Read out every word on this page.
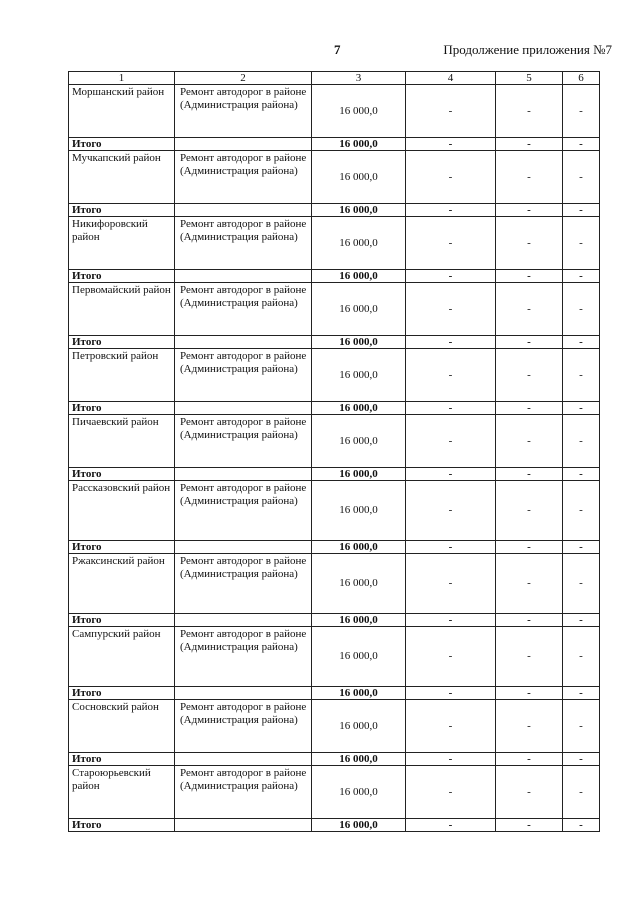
7	Продолжение приложения №7
1	2	3	4	5	6
Моршанский район	Ремонт автодорог в районе (Администрация района)	16 000,0	-	-	-
Итого		16 000,0	-	-	-
Мучкапский район	Ремонт автодорог в районе (Администрация района)	16 000,0	-	-	-
Итого		16 000,0	-	-	-
Никифоровский район	Ремонт автодорог в районе (Администрация района)	16 000,0	-	-	-
Итого		16 000,0	-	-	-
Первомайский район	Ремонт автодорог в районе (Администрация района)	16 000,0	-	-	-
Итого		16 000,0	-	-	-
Петровский район	Ремонт автодорог в районе (Администрация района)	16 000,0	-	-	-
Итого		16 000,0	-	-	-
Пичаевский район	Ремонт автодорог в районе (Администрация района)	16 000,0	-	-	-
Итого		16 000,0	-	-	-
Рассказовский район	Ремонт автодорог в районе (Администрация района)	16 000,0	-	-	-
Итого		16 000,0	-	-	-
Ржаксинский район	Ремонт автодорог в районе (Администрация района)	16 000,0	-	-	-
Итого		16 000,0	-	-	-
Сампурский район	Ремонт автодорог в районе (Администрация района)	16 000,0	-	-	-
Итого		16 000,0	-	-	-
Сосновский район	Ремонт автодорог в районе (Администрация района)	16 000,0	-	-	-
Итого		16 000,0	-	-	-
Староюрьевский район	Ремонт автодорог в районе (Администрация района)	16 000,0	-	-	-
Итого		16 000,0	-	-	-
